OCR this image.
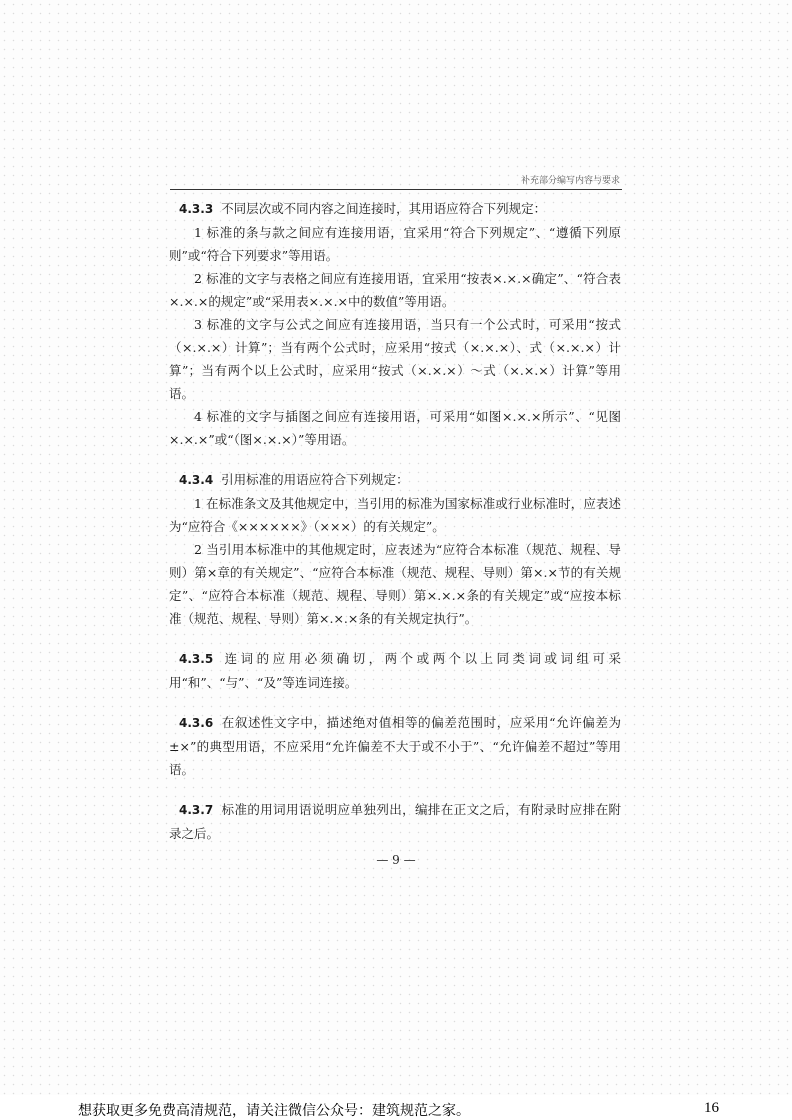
补充部分编写内容与要求

4.3.3 不同层次或不同内容之间连接时，其用语应符合下列规定：

1 标准的条与款之间应有连接用语，宜采用“符合下列规定”、“遵循下列原则”或“符合下列要求”等用语。

2 标准的文字与表格之间应有连接用语，宜采用“按表×.×.×确定”、“符合表×.×.×的规定”或“采用表×.×.×中的数值”等用语。

3 标准的文字与公式之间应有连接用语，当只有一个公式时，可采用“按式（×.×.×）计算”；当有两个公式时，应采用“按式（×.×.×）、式（×.×.×）计算”；当有两个以上公式时，应采用“按式（×.×.×）～式（×.×.×）计算”等用语。

4 标准的文字与插图之间应有连接用语，可采用“如图×.×.×所示”、“见图×.×.×”或“（图×.×.×）”等用语。

4.3.4 引用标准的用语应符合下列规定：

1 在标准条文及其他规定中，当引用的标准为国家标准或行业标准时，应表述为“应符合《××××××》（×××）的有关规定”。

2 当引用本标准中的其他规定时，应表述为“应符合本标准（规范、规程、导则）第×章的有关规定”、“应符合本标准（规范、规程、导则）第×.×节的有关规定”、“应符合本标准（规范、规程、导则）第×.×.×条的有关规定”或“应按本标准（规范、规程、导则）第×.×.×条的有关规定执行”。

4.3.5 连词的应用必须确切，两个或两个以上同类词或词组可采用“和”、“与”、“及”等连词连接。

4.3.6 在叙述性文字中，描述绝对值相等的偏差范围时，应采用“允许偏差为±×”的典型用语，不应采用“允许偏差不大于或不小于”、“允许偏差不超过”等用语。

4.3.7 标准的用词用语说明应单独列出，编排在正文之后，有附录时应排在附录之后。

— 9 —
想获取更多免费高清规范，请关注微信公众号：建筑规范之家。	16
